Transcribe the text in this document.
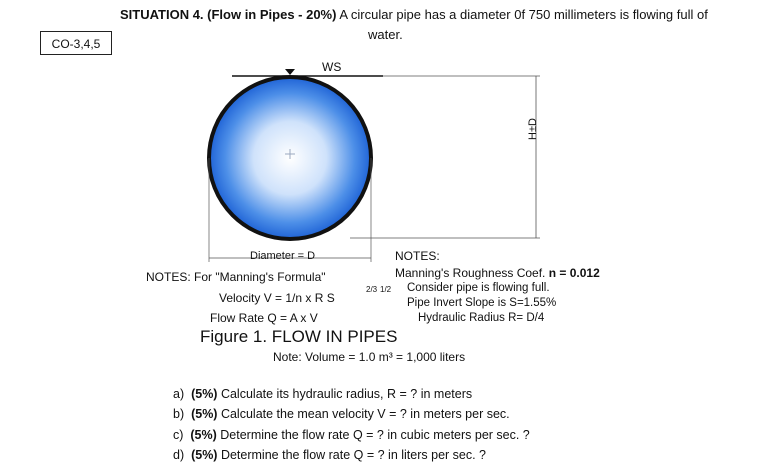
CO-3,4,5
SITUATION 4. (Flow in Pipes - 20%) A circular pipe has a diameter 0f 750 millimeters is flowing full of
water.
WS
Diameter = D
H±D
NOTES:
Manning's Roughness Coef. n = 0.012
Consider pipe is flowing full.
Pipe Invert Slope is S=1.55%
Hydraulic Radius R= D/4
NOTES: For "Manning's Formula"
Velocity V = 1/n x R S
2/3 1/2
Flow Rate Q = A x V
Figure 1. FLOW IN PIPES
Note: Volume = 1.0 m³ = 1,000 liters
a) (5%) Calculate its hydraulic radius, R = ? in meters
b) (5%) Calculate the mean velocity V = ? in meters per sec.
c) (5%) Determine the flow rate Q = ? in cubic meters per sec. ?
d) (5%) Determine the flow rate Q = ? in liters per sec. ?
